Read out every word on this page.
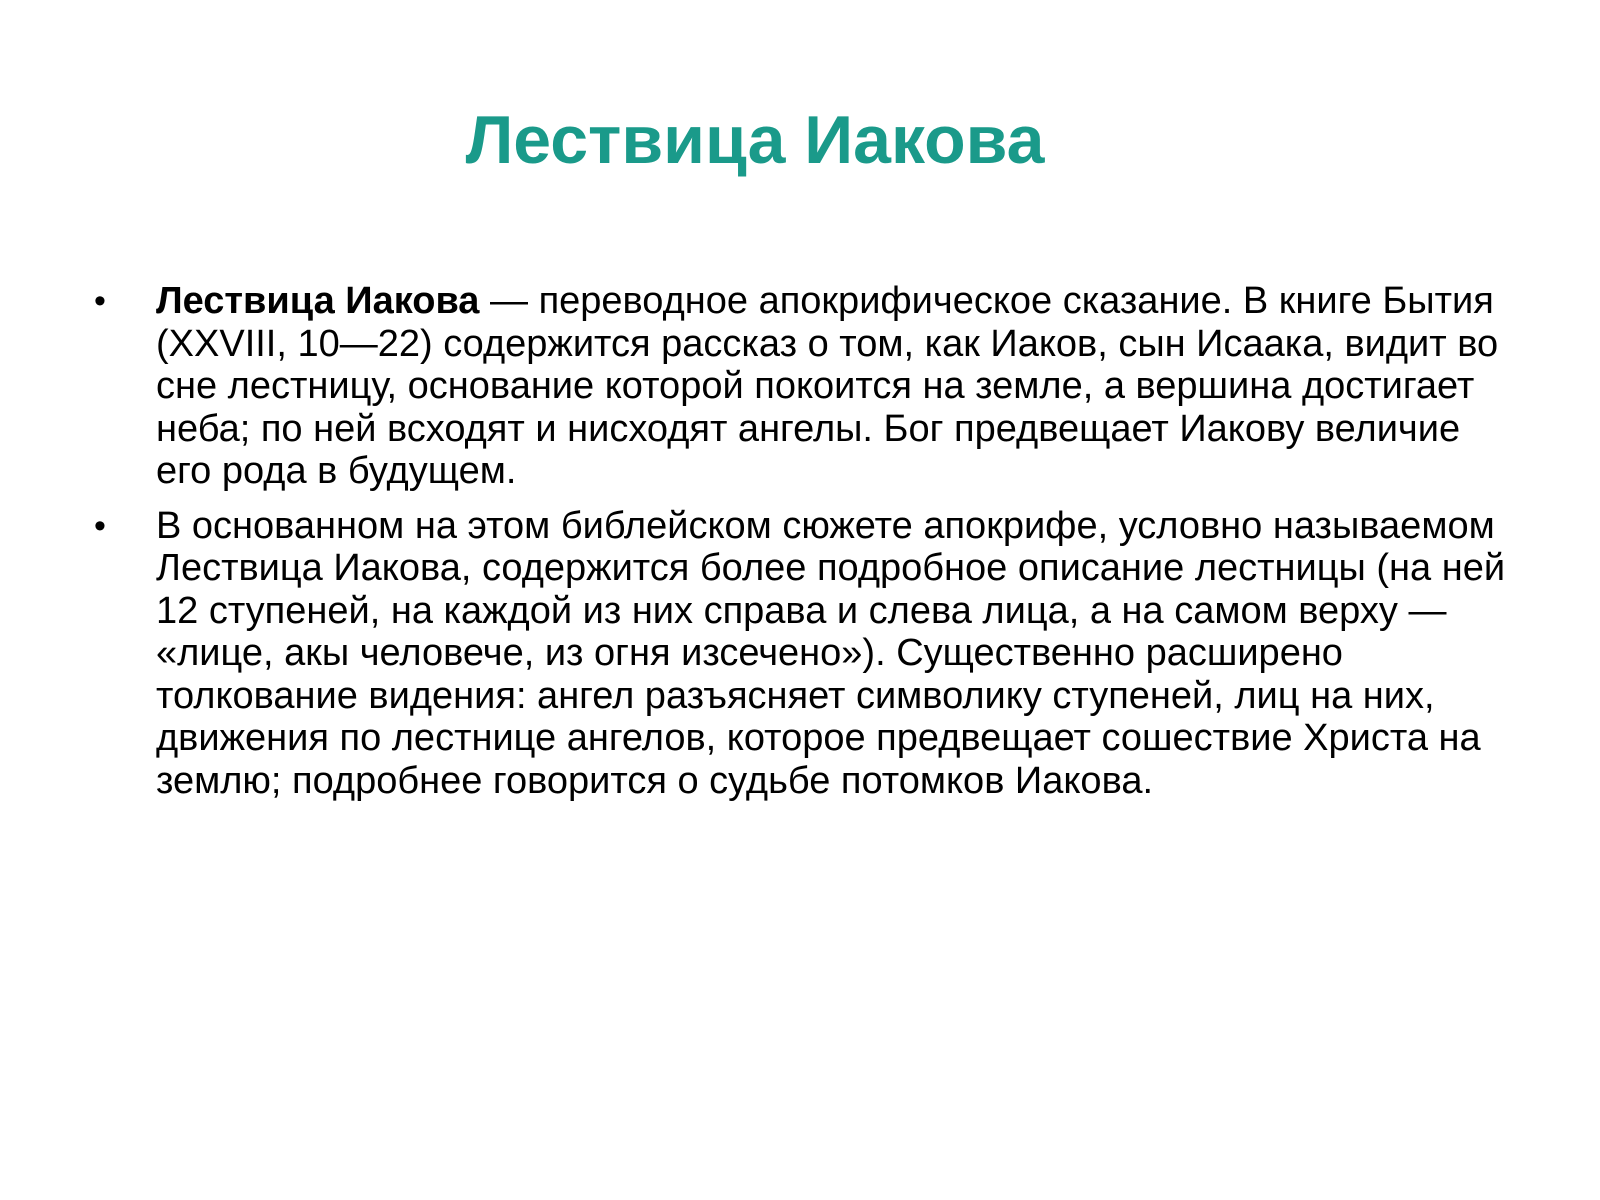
Лествица Иакова
• Лествица Иакова — переводное апокрифическое сказание. В книге Бытия (XXVIII, 10—22) содержится рассказ о том, как Иаков, сын Исаака, видит во сне лестницу, основание которой покоится на земле, а вершина достигает неба; по ней всходят и нисходят ангелы. Бог предвещает Иакову величие его рода в будущем.
• В основанном на этом библейском сюжете апокрифе, условно называемом Лествица Иакова, содержится более подробное описание лестницы (на ней 12 ступеней, на каждой из них справа и слева лица, а на самом верху — «лице, акы человече, из огня изсечено»). Существенно расширено толкование видения: ангел разъясняет символику ступеней, лиц на них, движения по лестнице ангелов, которое предвещает сошествие Христа на землю; подробнее говорится о судьбе потомков Иакова.
